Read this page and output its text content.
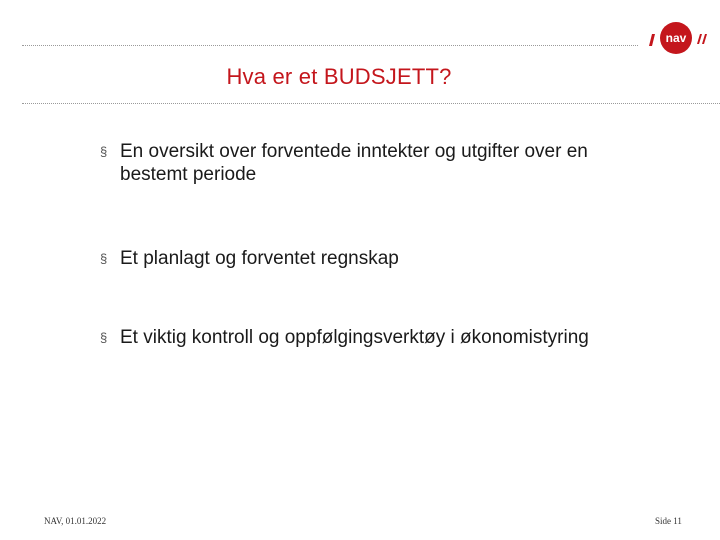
nav
Hva er et BUDSJETT?
§ En oversikt over forventede inntekter og utgifter over en bestemt periode
§ Et planlagt og forventet regnskap
§ Et viktig kontroll og oppfølgingsverktøy i økonomistyring
NAV, 01.01.2022	Side 11
